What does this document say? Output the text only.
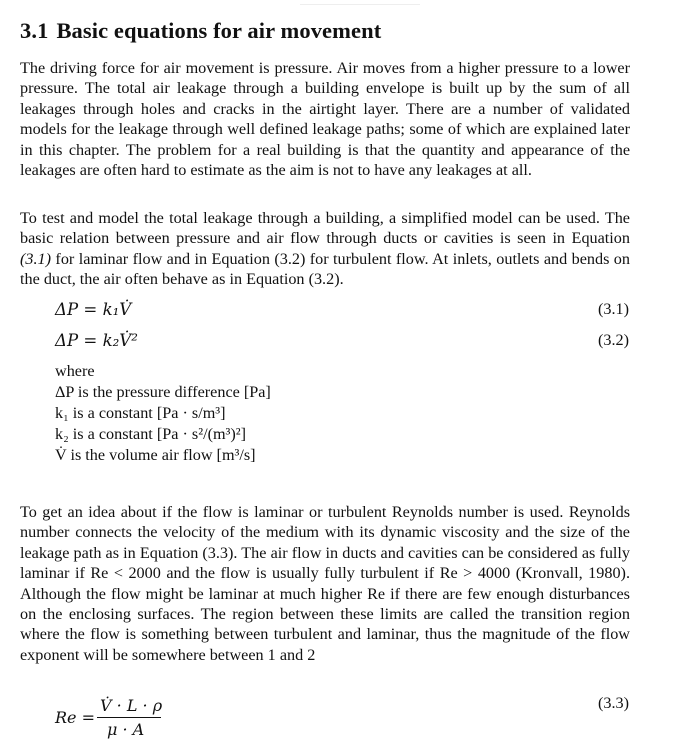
3.1 Basic equations for air movement

The driving force for air movement is pressure. Air moves from a higher pressure to a lower pressure. The total air leakage through a building envelope is built up by the sum of all leakages through holes and cracks in the airtight layer. There are a number of validated models for the leakage through well defined leakage paths; some of which are explained later in this chapter. The problem for a real building is that the quantity and appearance of the leakages are often hard to estimate as the aim is not to have any leakages at all.

To test and model the total leakage through a building, a simplified model can be used. The basic relation between pressure and air flow through ducts or cavities is seen in Equation (3.1) for laminar flow and in Equation (3.2) for turbulent flow. At inlets, outlets and bends on the duct, the air often behave as in Equation (3.2).

ΔP = k₁V̇	(3.1)
ΔP = k₂V̇²	(3.2)
where
ΔP is the pressure difference [Pa]
k₁ is a constant [Pa · s/m³]
k₂ is a constant [Pa · s²/(m³)²]
V̇ is the volume air flow [m³/s]

To get an idea about if the flow is laminar or turbulent Reynolds number is used. Reynolds number connects the velocity of the medium with its dynamic viscosity and the size of the leakage path as in Equation (3.3). The air flow in ducts and cavities can be considered as fully laminar if Re < 2000 and the flow is usually fully turbulent if Re > 4000 (Kronvall, 1980). Although the flow might be laminar at much higher Re if there are few enough disturbances on the enclosing surfaces. The region between these limits are called the transition region where the flow is something between turbulent and laminar, thus the magnitude of the flow exponent will be somewhere between 1 and 2

Re =
V̇ · L · ρ
μ · A
(3.3)
